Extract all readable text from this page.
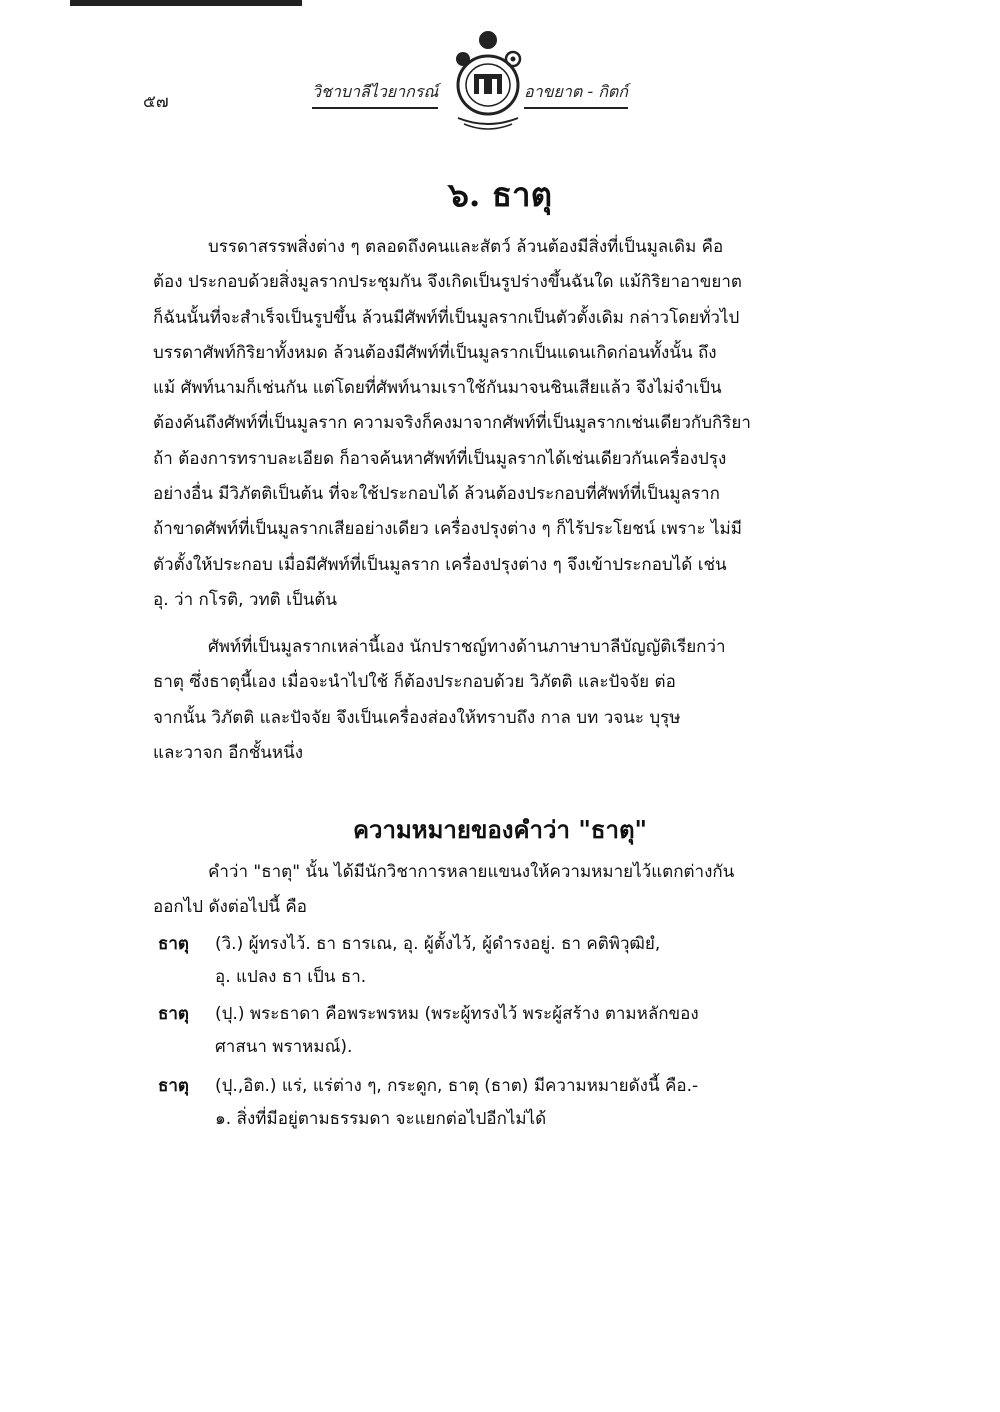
๕๗
วิชาบาลีไวยากรณ์	อาขยาต - กิตก์
๖. ธาตุ
บรรดาสรรพสิ่งต่าง ๆ ตลอดถึงคนและสัตว์ ล้วนต้องมีสิ่งที่เป็นมูลเดิม คือ
ต้อง ประกอบด้วยสิ่งมูลรากประชุมกัน จึงเกิดเป็นรูปร่างขึ้นฉันใด แม้กิริยาอาขยาต
ก็ฉันนั้นที่จะสำเร็จเป็นรูปขึ้น ล้วนมีศัพท์ที่เป็นมูลรากเป็นตัวตั้งเดิม กล่าวโดยทั่วไป
บรรดาศัพท์กิริยาทั้งหมด ล้วนต้องมีศัพท์ที่เป็นมูลรากเป็นแดนเกิดก่อนทั้งนั้น ถึง
แม้ ศัพท์นามก็เช่นกัน แต่โดยที่ศัพท์นามเราใช้กันมาจนชินเสียแล้ว จึงไม่จำเป็น
ต้องค้นถึงศัพท์ที่เป็นมูลราก ความจริงก็คงมาจากศัพท์ที่เป็นมูลรากเช่นเดียวกับกิริยา
ถ้า ต้องการทราบละเอียด ก็อาจค้นหาศัพท์ที่เป็นมูลรากได้เช่นเดียวกันเครื่องปรุง
อย่างอื่น มีวิภัตติเป็นต้น ที่จะใช้ประกอบได้ ล้วนต้องประกอบที่ศัพท์ที่เป็นมูลราก
ถ้าขาดศัพท์ที่เป็นมูลรากเสียอย่างเดียว เครื่องปรุงต่าง ๆ ก็ไร้ประโยชน์ เพราะ ไม่มี
ตัวตั้งให้ประกอบ เมื่อมีศัพท์ที่เป็นมูลราก เครื่องปรุงต่าง ๆ จึงเข้าประกอบได้ เช่น
อุ. ว่า กโรติ, วทติ เป็นต้น
ศัพท์ที่เป็นมูลรากเหล่านี้เอง นักปราชญ์ทางด้านภาษาบาลีบัญญัติเรียกว่า
ธาตุ ซึ่งธาตุนี้เอง เมื่อจะนำไปใช้ ก็ต้องประกอบด้วย วิภัตติ และปัจจัย ต่อ
จากนั้น วิภัตติ และปัจจัย จึงเป็นเครื่องส่องให้ทราบถึง กาล บท วจนะ บุรุษ
และวาจก อีกชั้นหนึ่ง
ความหมายของคำว่า "ธาตุ"
คำว่า "ธาตุ" นั้น ได้มีนักวิชาการหลายแขนงให้ความหมายไว้แตกต่างกัน
ออกไป ดังต่อไปนี้ คือ
ธาตุ (วิ.) ผู้ทรงไว้. ธา ธารเณ, อุ. ผู้ตั้งไว้, ผู้ดำรงอยู่. ธา คติพิวุฒิยํ,
อุ. แปลง ธา เป็น ธา.
ธาตุ (ปุ.) พระธาดา คือพระพรหม (พระผู้ทรงไว้ พระผู้สร้าง ตามหลักของ
ศาสนา พราหมณ์).
ธาตุ (ปุ.,อิต.) แร่, แร่ต่าง ๆ, กระดูก, ธาตุ (ธาต) มีความหมายดังนี้ คือ.-
๑. สิ่งที่มีอยู่ตามธรรมดา จะแยกต่อไปอีกไม่ได้
